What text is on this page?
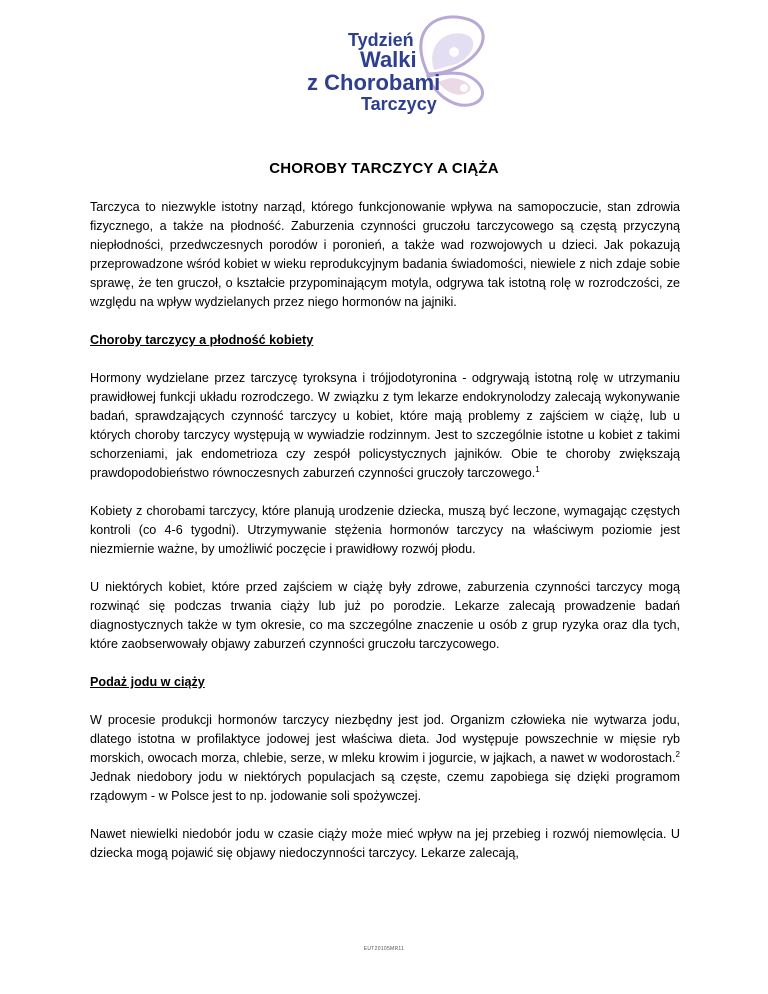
Tydzień
Walki
z Chorobami
Tarczycy
CHOROBY TARCZYCY A CIĄŻA

Tarczyca to niezwykle istotny narząd, którego funkcjonowanie wpływa na samopoczucie, stan zdrowia fizycznego, a także na płodność. Zaburzenia czynności gruczołu tarczycowego są częstą przyczyną niepłodności, przedwczesnych porodów i poronień, a także wad rozwojowych u dzieci. Jak pokazują przeprowadzone wśród kobiet w wieku reprodukcyjnym badania świadomości, niewiele z nich zdaje sobie sprawę, że ten gruczoł, o kształcie przypominającym motyla, odgrywa tak istotną rolę w rozrodczości, ze względu na wpływ wydzielanych przez niego hormonów na jajniki.

Choroby tarczycy a płodność kobiety

Hormony wydzielane przez tarczycę tyroksyna i trójjodotyronina - odgrywają istotną rolę w utrzymaniu prawidłowej funkcji układu rozrodczego. W związku z tym lekarze endokrynolodzy zalecają wykonywanie badań, sprawdzających czynność tarczycy u kobiet, które mają problemy z zajściem w ciążę, lub u których choroby tarczycy występują w wywiadzie rodzinnym. Jest to szczególnie istotne u kobiet z takimi schorzeniami, jak endometrioza czy zespół policystycznych jajników. Obie te choroby zwiększają prawdopodobieństwo równoczesnych zaburzeń czynności gruczoły tarczowego.$^1$

Kobiety z chorobami tarczycy, które planują urodzenie dziecka, muszą być leczone, wymagając częstych kontroli (co 4-6 tygodni). Utrzymywanie stężenia hormonów tarczycy na właściwym poziomie jest niezmiernie ważne, by umożliwić poczęcie i prawidłowy rozwój płodu.

U niektórych kobiet, które przed zajściem w ciążę były zdrowe, zaburzenia czynności tarczycy mogą rozwinąć się podczas trwania ciąży lub już po porodzie. Lekarze zalecają prowadzenie badań diagnostycznych także w tym okresie, co ma szczególne znaczenie u osób z grup ryzyka oraz dla tych, które zaobserwowały objawy zaburzeń czynności gruczołu tarczycowego.

Podaż jodu w ciąży

W procesie produkcji hormonów tarczycy niezbędny jest jod. Organizm człowieka nie wytwarza jodu, dlatego istotna w profilaktyce jodowej jest właściwa dieta. Jod występuje powszechnie w mięsie ryb morskich, owocach morza, chlebie, serze, w mleku krowim i jogurcie, w jajkach, a nawet w wodorostach.$^2$ Jednak niedobory jodu w niektórych populacjach są częste, czemu zapobiega się dzięki programom rządowym - w Polsce jest to np. jodowanie soli spożywczej.

Nawet niewielki niedobór jodu w czasie ciąży może mieć wpływ na jej przebieg i rozwój niemowlęcia. U dziecka mogą pojawić się objawy niedoczynności tarczycy. Lekarze zalecają,

EUT20105MR11
